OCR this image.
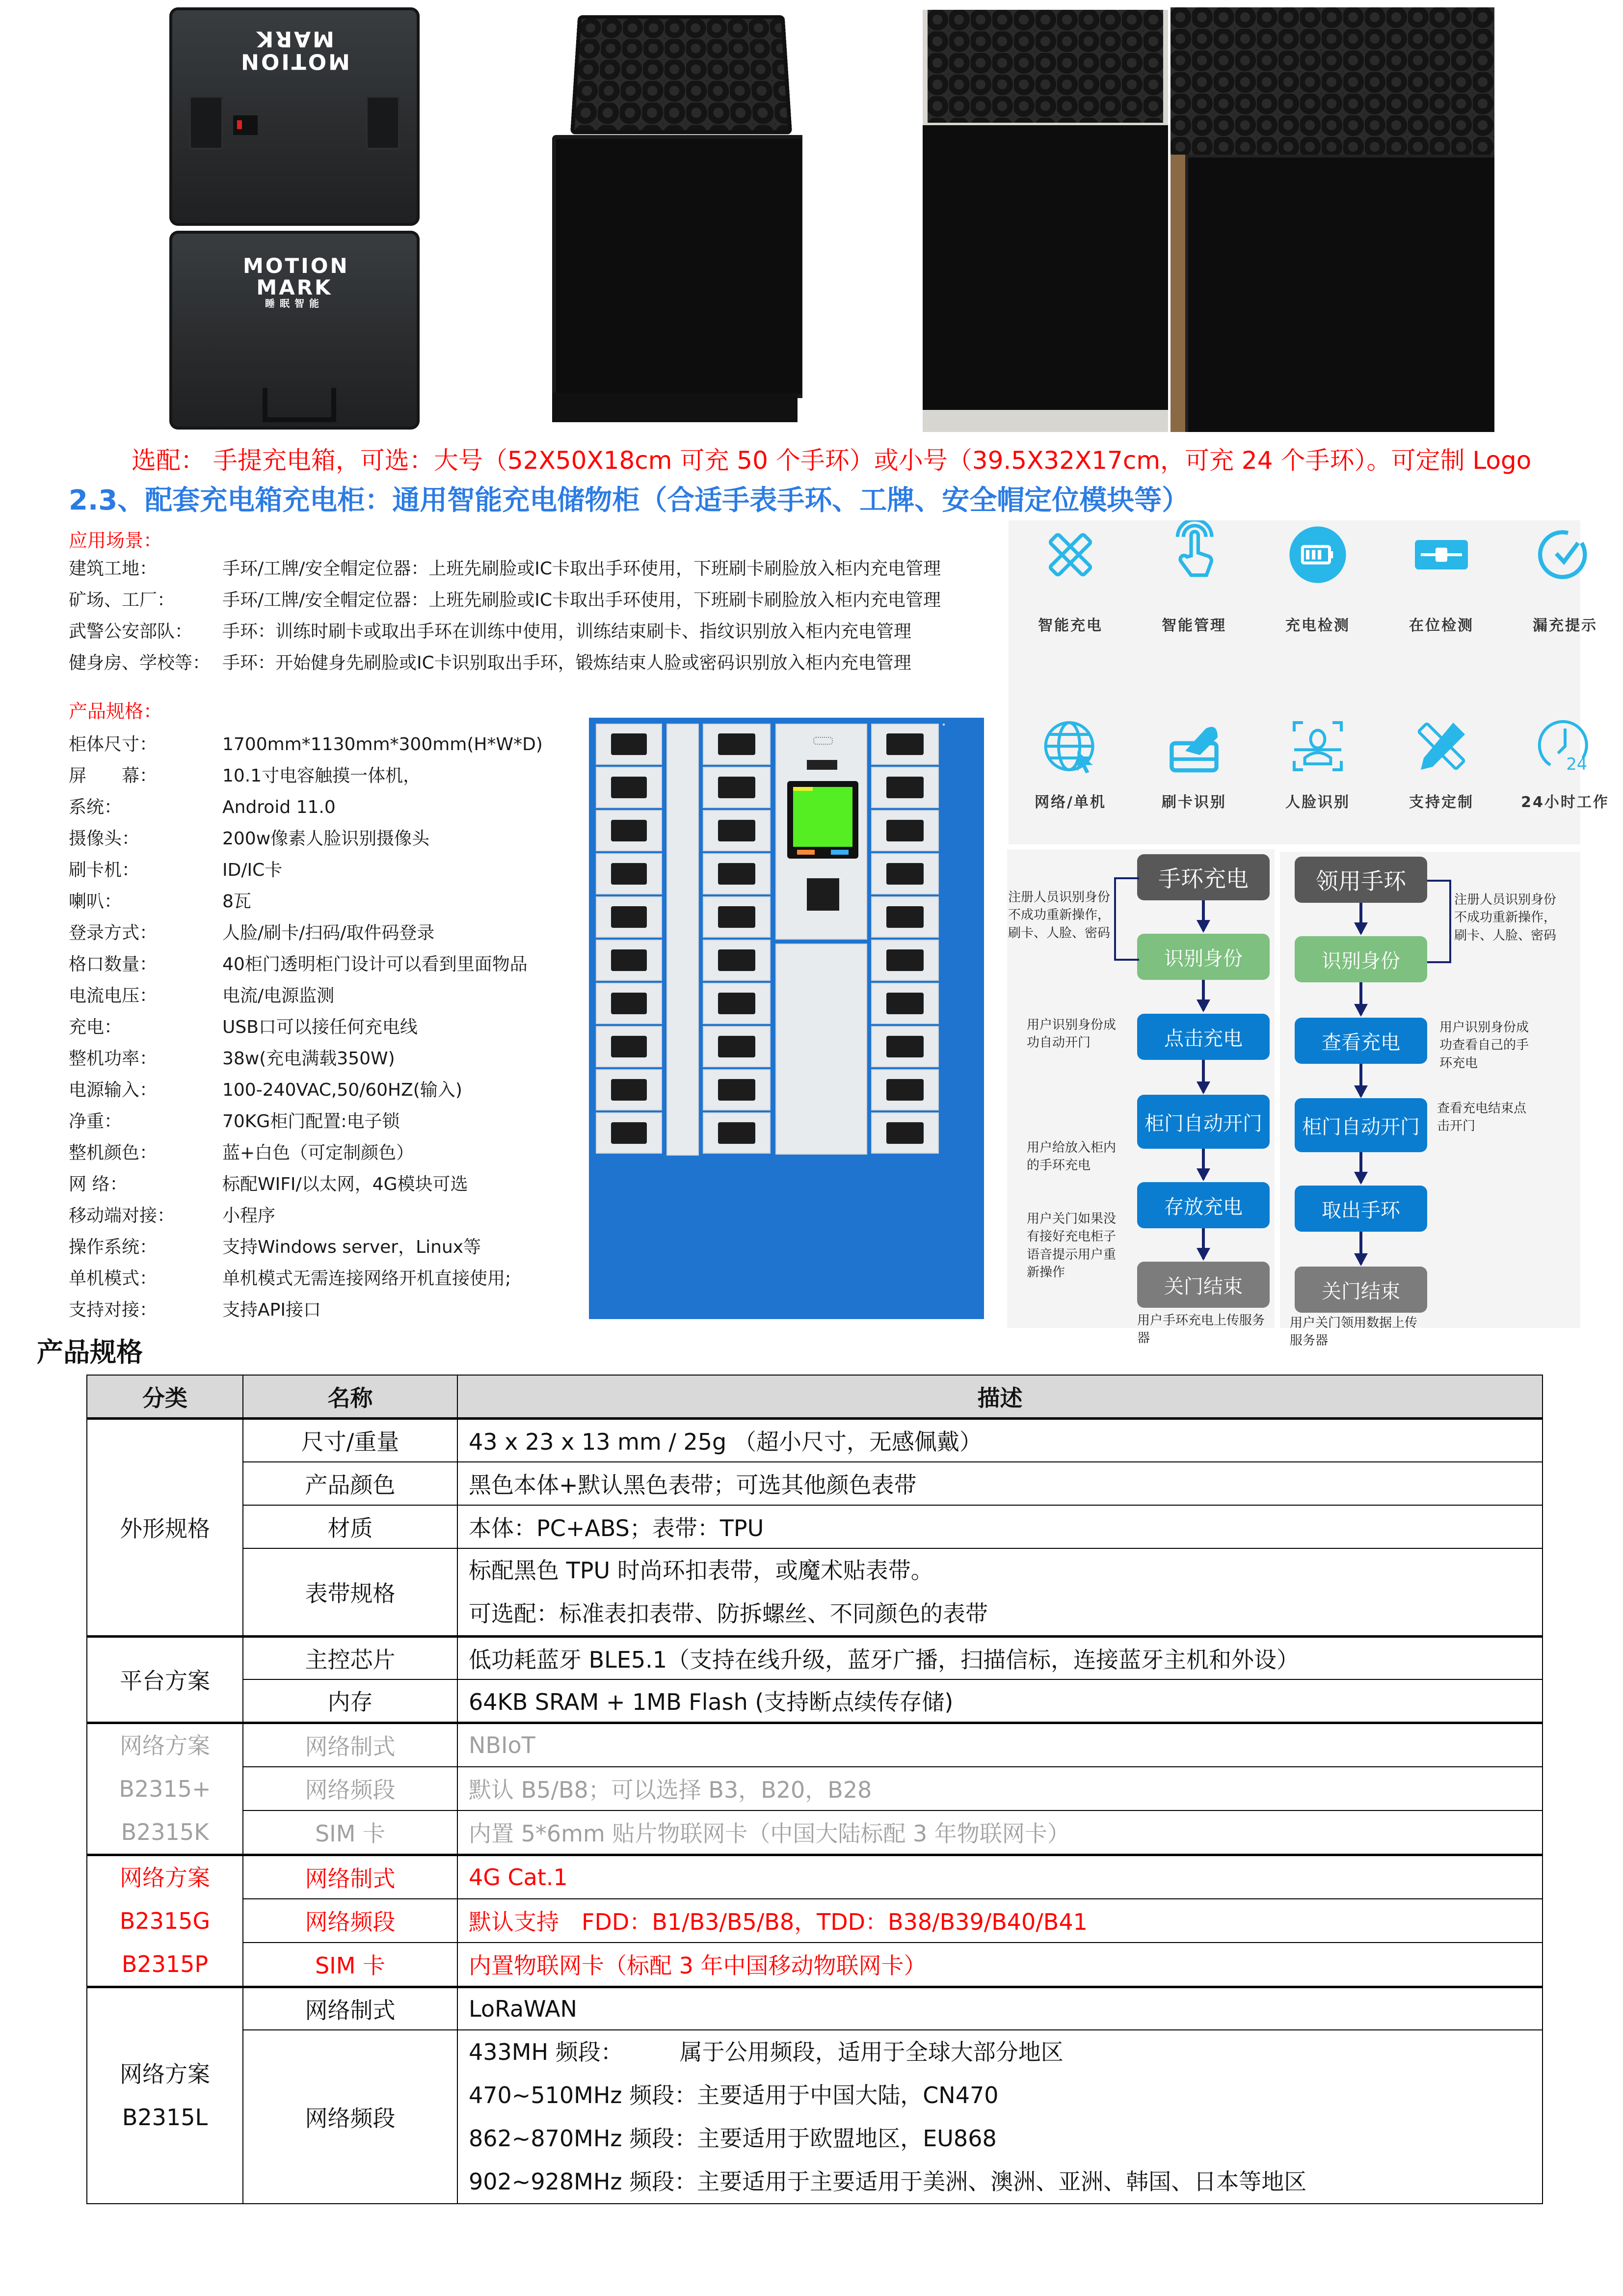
MOTION
MARK
MOTION
MARK
睡眠智能
选配： 手提充电箱，可选：大号（52X50X18cm 可充 50 个手环）或小号（39.5X32X17cm，可充 24 个手环）。可定制 Logo
2.3、配套充电箱充电柜：通用智能充电储物柜（合适手表手环、工牌、安全帽定位模块等）
应用场景：
建筑工地：	手环/工牌/安全帽定位器：上班先刷脸或IC卡取出手环使用，下班刷卡刷脸放入柜内充电管理
矿场、工厂：	手环/工牌/安全帽定位器：上班先刷脸或IC卡取出手环使用，下班刷卡刷脸放入柜内充电管理
武警公安部队： 手环：训练时刷卡或取出手环在训练中使用，训练结束刷卡、指纹识别放入柜内充电管理
健身房、学校等： 手环：开始健身先刷脸或IC卡识别取出手环，锻炼结束人脸或密码识别放入柜内充电管理
产品规格：
柜体尺寸：	1700mm*1130mm*300mm(H*W*D)
屏　　幕：	10.1寸电容触摸一体机，
系统：	Android 11.0
摄像头：	200w像素人脸识别摄像头
刷卡机：	ID/IC卡
喇叭：	8瓦
登录方式：	人脸/刷卡/扫码/取件码登录
格口数量：	40柜门透明柜门设计可以看到里面物品
电流电压：	电流/电源监测
充电：	USB口可以接任何充电线
整机功率：	38w(充电满载350W)
电源输入：	100-240VAC,50/60HZ(输入)
净重：	70KG柜门配置:电子锁
整机颜色：	蓝+白色（可定制颜色）
网 络：	标配WIFI/以太网，4G模块可选
移动端对接：	小程序
操作系统：	支持Windows server，Linux等
单机模式：	单机模式无需连接网络开机直接使用;
支持对接：	支持API接口
智能充电	智能管理	充电检测	在位检测	漏充提示
网络/单机	刷卡识别	人脸识别	支持定制
24
24小时工作
手环充电
识别身份
点击充电
柜门自动开门
存放充电
关门结束
注册人员识别身份不成功重新操作，刷卡、人脸、密码
用户识别身份成功自动开门
用户给放入柜内的手环充电
用户关门如果没有接好充电柜子语音提示用户重新操作
用户手环充电上传服务器
领用手环
识别身份
查看充电
柜门自动开门
取出手环
关门结束
注册人员识别身份不成功重新操作，刷卡、人脸、密码
用户识别身份成功查看自己的手环充电
查看充电结束点击开门
用户关门领用数据上传服务器
产品规格
分类	名称	描述
外形规格	尺寸/重量	43 x 23 x 13 mm / 25g （超小尺寸，无感佩戴）
	产品颜色	黑色本体+默认黑色表带；可选其他颜色表带
	材质	本体：PC+ABS；表带：TPU
	表带规格	标配黑色 TPU 时尚环扣表带，或魔术贴表带。
可选配：标准表扣表带、防拆螺丝、不同颜色的表带

平台方案	主控芯片	低功耗蓝牙 BLE5.1（支持在线升级，蓝牙广播，扫描信标，连接蓝牙主机和外设）
	内存	64KB SRAM + 1MB Flash (支持断点续传存储)

网络方案
B2315+
B2315K	网络制式	NBIoT
	网络频段	默认 B5/B8；可以选择 B3，B20，B28
	SIM 卡	内置 5*6mm 贴片物联网卡（中国大陆标配 3 年物联网卡）

网络方案
B2315G
B2315P	网络制式	4G Cat.1
	网络频段	默认支持　FDD：B1/B3/B5/B8，TDD：B38/B39/B40/B41
	SIM 卡	内置物联网卡（标配 3 年中国移动物联网卡）

网络方案
B2315L	网络制式	LoRaWAN
	网络频段	433MH 频段：　　　属于公用频段，适用于全球大部分地区
470~510MHz 频段：主要适用于中国大陆，CN470
862~870MHz 频段：主要适用于欧盟地区，EU868
902~928MHz 频段：主要适用于主要适用于美洲、澳洲、亚洲、韩国、日本等地区
